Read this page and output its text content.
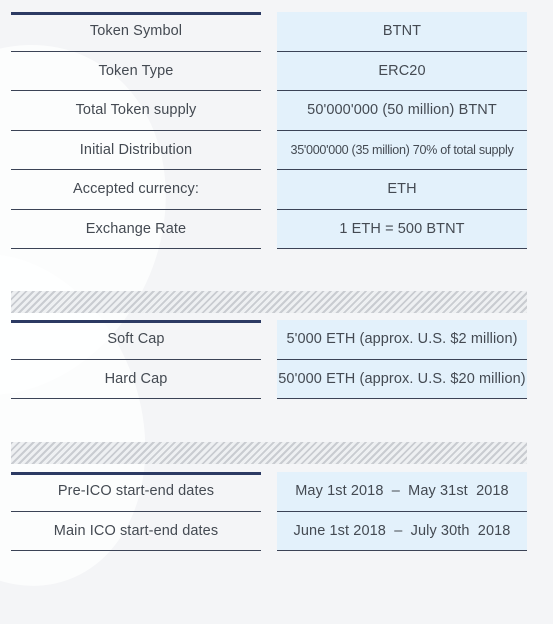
Token Symbol	BTNT
Token Type	ERC20
Total Token supply	50'000'000 (50 million) BTNT
Initial Distribution	35'000'000 (35 million) 70% of total supply
Accepted currency:	ETH
Exchange Rate	1 ETH = 500 BTNT
Soft Cap	5'000 ETH (approx. U.S. $2 million)
Hard Cap	50'000 ETH (approx. U.S. $20 million)
Pre-ICO start-end dates	May 1st 2018  –  May 31st  2018
Main ICO start-end dates	June 1st 2018  –  July 30th  2018
